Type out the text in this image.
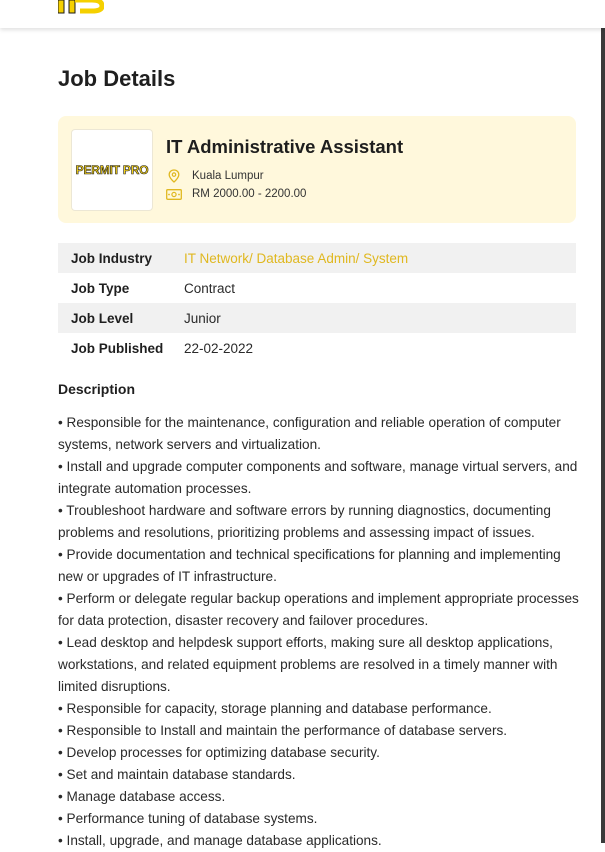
Job Details
PERMIT PRO
IT Administrative Assistant
Kuala Lumpur
RM 2000.00 - 2200.00
Job Industry	IT Network/ Database Admin/ System
Job Type	Contract
Job Level	Junior
Job Published	22-02-2022
Description
• Responsible for the maintenance, configuration and reliable operation of computer systems, network servers and virtualization.
• Install and upgrade computer components and software, manage virtual servers, and integrate automation processes.
• Troubleshoot hardware and software errors by running diagnostics, documenting problems and resolutions, prioritizing problems and assessing impact of issues.
• Provide documentation and technical specifications for planning and implementing new or upgrades of IT infrastructure.
• Perform or delegate regular backup operations and implement appropriate processes for data protection, disaster recovery and failover procedures.
• Lead desktop and helpdesk support efforts, making sure all desktop applications, workstations, and related equipment problems are resolved in a timely manner with limited disruptions.
• Responsible for capacity, storage planning and database performance.
• Responsible to Install and maintain the performance of database servers.
• Develop processes for optimizing database security.
• Set and maintain database standards.
• Manage database access.
• Performance tuning of database systems.
• Install, upgrade, and manage database applications.
